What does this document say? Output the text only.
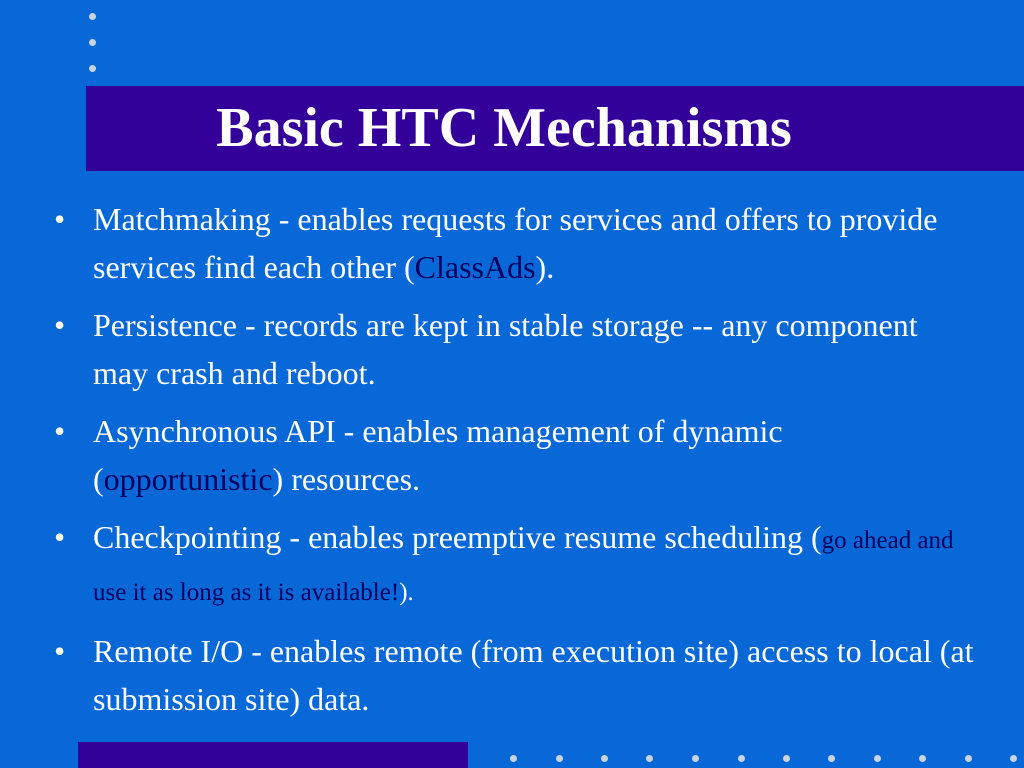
Basic HTC Mechanisms
• Matchmaking - enables requests for services and offers to provide services find each other (ClassAds).
• Persistence - records are kept in stable storage -- any component may crash and reboot.
• Asynchronous API - enables management of dynamic (opportunistic) resources.
• Checkpointing - enables preemptive resume scheduling (go ahead and use it as long as it is available!).
• Remote I/O - enables remote (from execution site) access to local (at submission site) data.
